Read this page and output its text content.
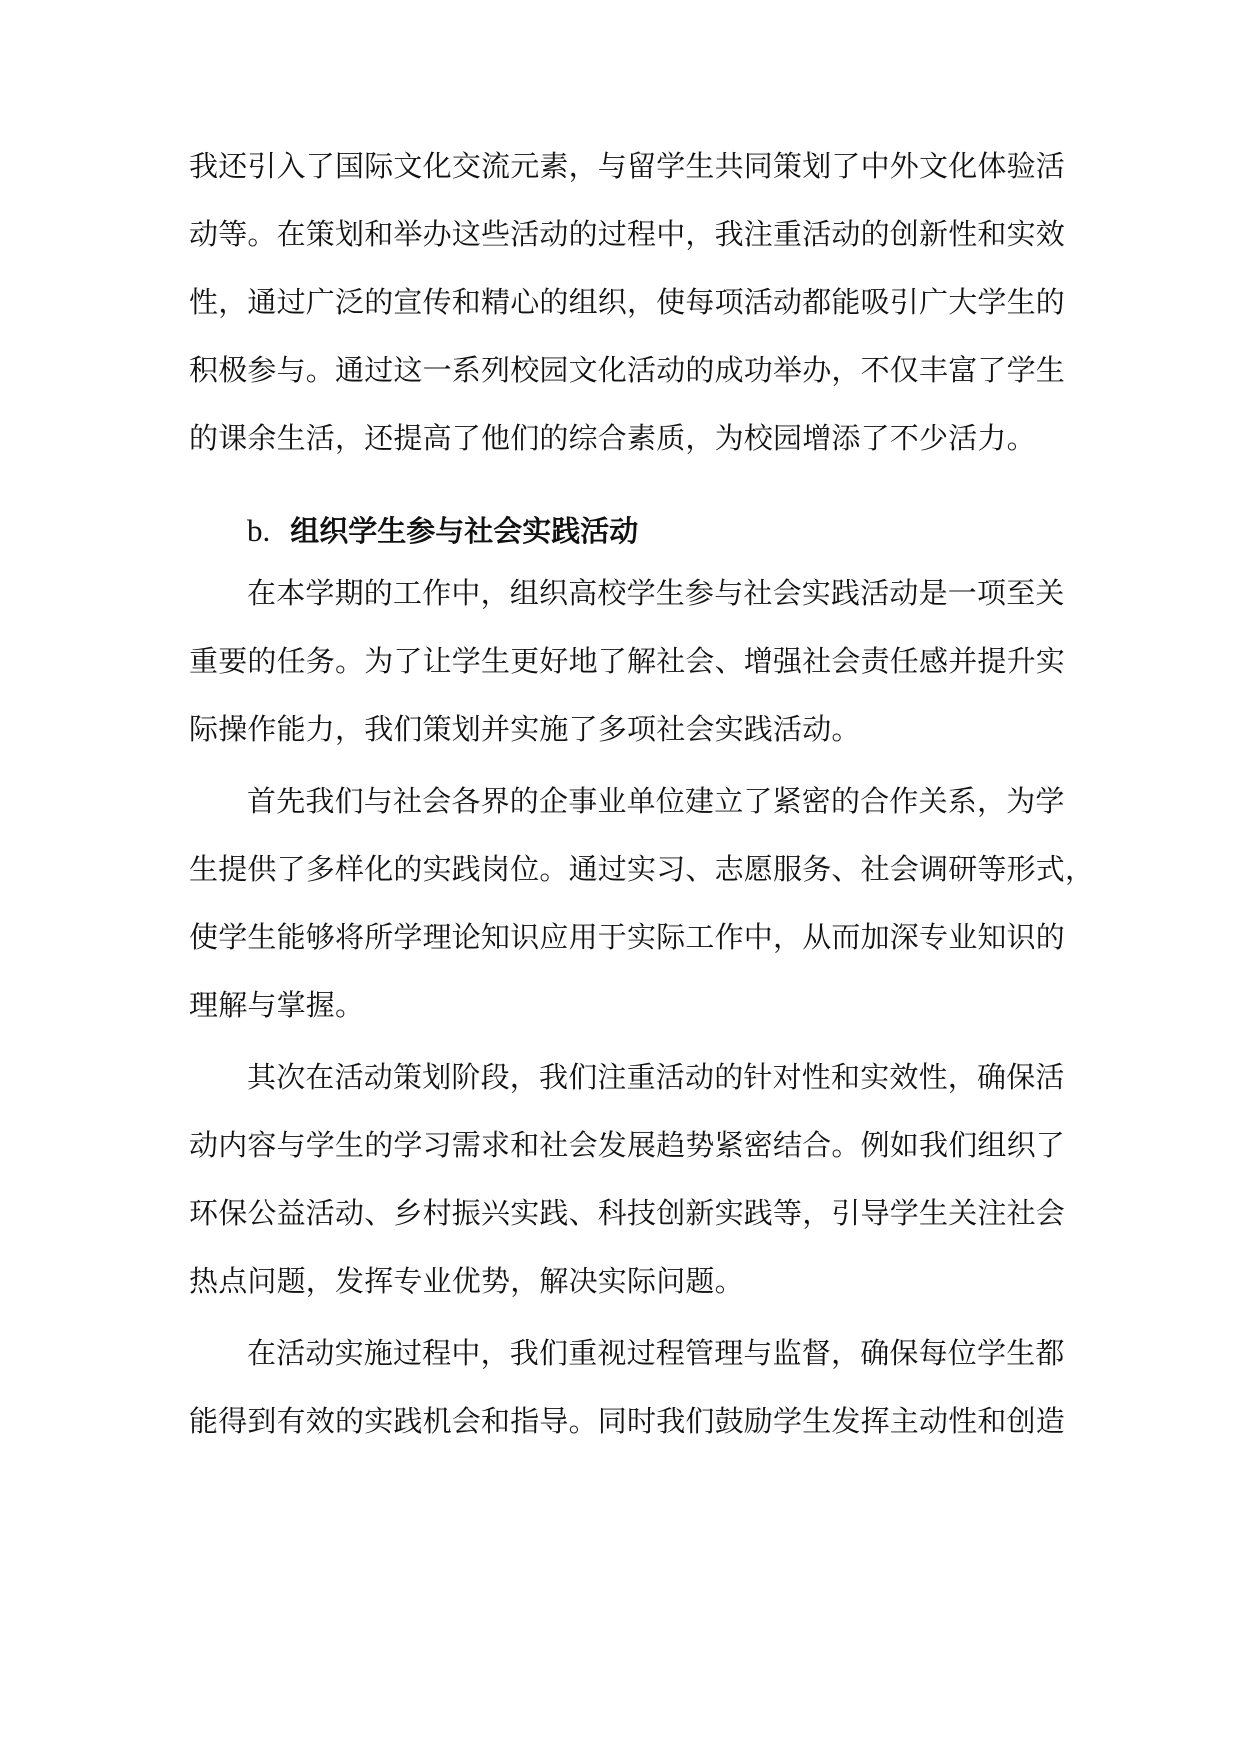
我还引入了国际文化交流元素，与留学生共同策划了中外文化体验活
动等。在策划和举办这些活动的过程中，我注重活动的创新性和实效
性，通过广泛的宣传和精心的组织，使每项活动都能吸引广大学生的
积极参与。通过这一系列校园文化活动的成功举办，不仅丰富了学生
的课余生活，还提高了他们的综合素质，为校园增添了不少活力。
b. 组织学生参与社会实践活动
在本学期的工作中，组织高校学生参与社会实践活动是一项至关
重要的任务。为了让学生更好地了解社会、增强社会责任感并提升实
际操作能力，我们策划并实施了多项社会实践活动。
首先我们与社会各界的企事业单位建立了紧密的合作关系，为学
生提供了多样化的实践岗位。通过实习、志愿服务、社会调研等形式，
使学生能够将所学理论知识应用于实际工作中，从而加深专业知识的
理解与掌握。
其次在活动策划阶段，我们注重活动的针对性和实效性，确保活
动内容与学生的学习需求和社会发展趋势紧密结合。例如我们组织了
环保公益活动、乡村振兴实践、科技创新实践等，引导学生关注社会
热点问题，发挥专业优势，解决实际问题。
在活动实施过程中，我们重视过程管理与监督，确保每位学生都
能得到有效的实践机会和指导。同时我们鼓励学生发挥主动性和创造
